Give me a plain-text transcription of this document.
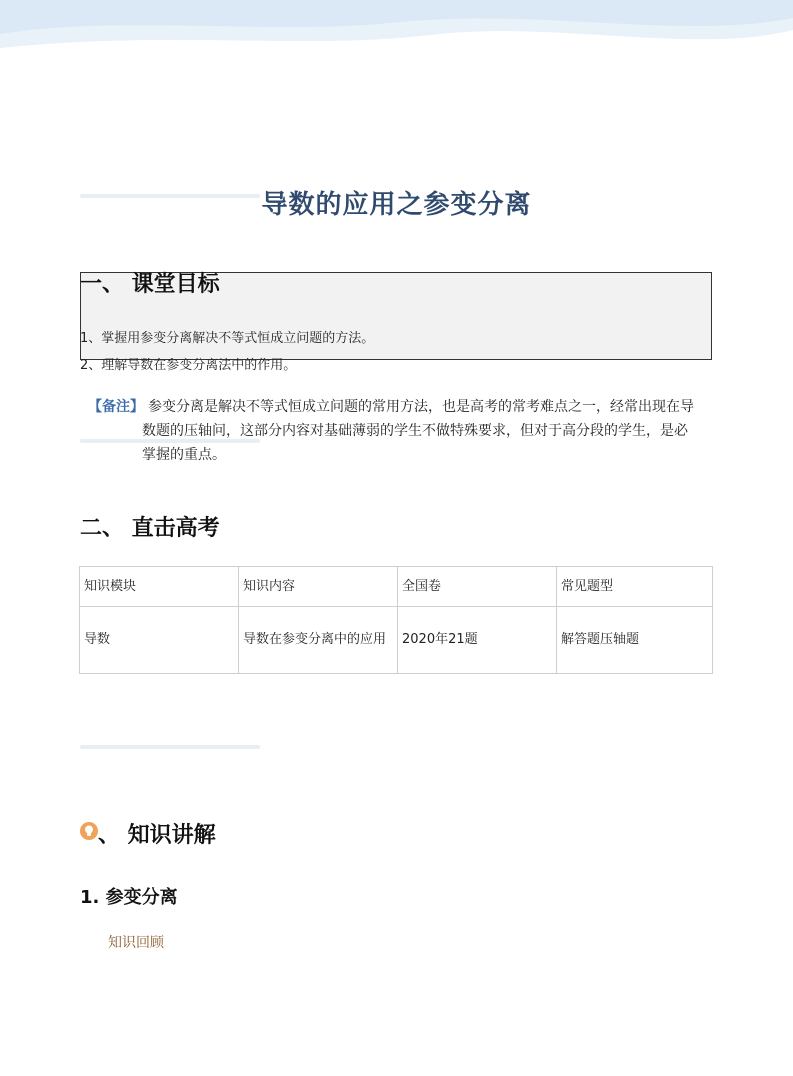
导数的应用之参变分离
一、 课堂目标
1、掌握用参变分离解决不等式恒成立问题的方法。
2、理解导数在参变分离法中的作用。
【备注】 参变分离是解决不等式恒成立问题的常用方法，也是高考的常考难点之一，经常出现在导数题的压轴问，这部分内容对基础薄弱的学生不做特殊要求，但对于高分段的学生，是必掌握的重点。
二、 直击高考
知识模块	知识内容	全国卷	常见题型
导数	导数在参变分离中的应用	2020年21题	解答题压轴题
、 知识讲解
1. 参变分离
知识回顾
